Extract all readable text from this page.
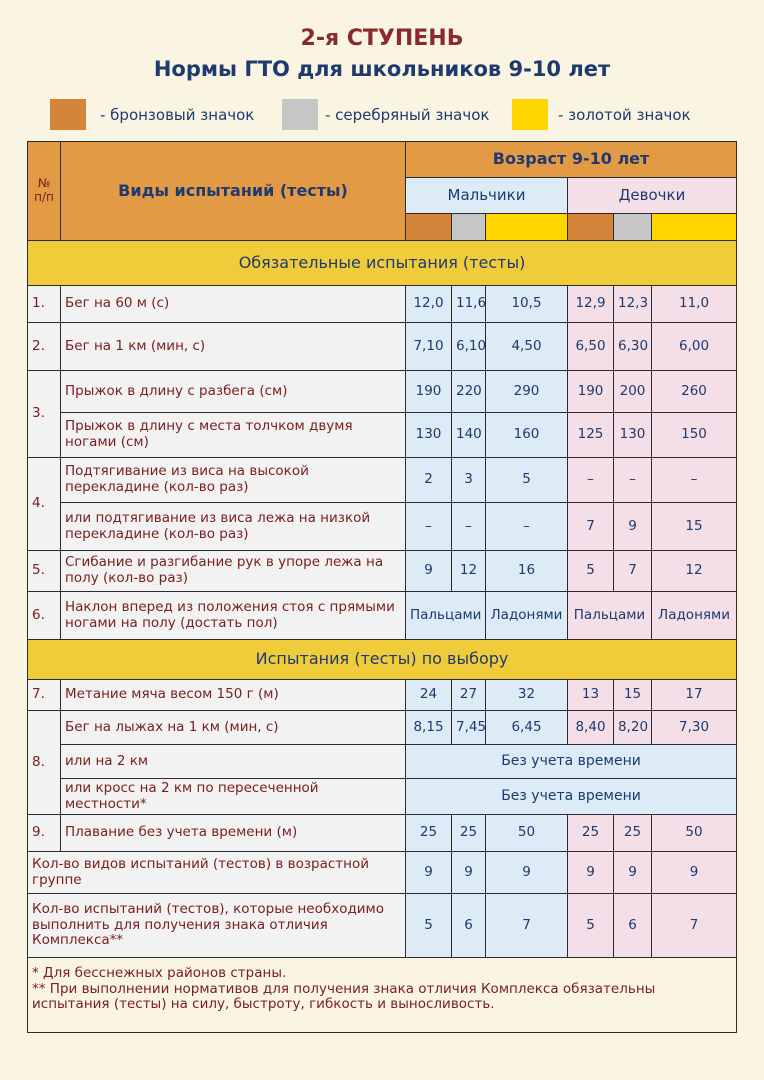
2-я СТУПЕНЬ
Нормы ГТО для школьников 9-10 лет
- бронзовый значок	- серебряный значок	- золотой значок
№ п/п	Виды испытаний (тесты)	Возраст 9-10 лет					
		Мальчики			Девочки		

Обязательные испытания (тесты)							
1.	Бег на 60 м (с)	12,0	11,6	10,5	12,9	12,3	11,0
2.	Бег на 1 км (мин, с)	7,10	6,10	4,50	6,50	6,30	6,00
3.	Прыжок в длину с разбега (см)	190	220	290	190	200	260
	Прыжок в длину с места толчком двумя ногами (см)	130	140	160	125	130	150
4.	Подтягивание из виса на высокой перекладине (кол-во раз)	2	3	5	–	–	–
	или подтягивание из виса лежа на низкой перекладине (кол-во раз)	–	–	–	7	9	15
5.	Сгибание и разгибание рук в упоре лежа на полу (кол-во раз)	9	12	16	5	7	12
6.	Наклон вперед из положения стоя с прямыми ногами на полу (достать пол)	Пальцами		Ладонями	Пальцами		Ладонями
Испытания (тесты) по выбору							
7.	Метание мяча весом 150 г (м)	24	27	32	13	15	17
8.	Бег на лыжах на 1 км (мин, с)	8,15	7,45	6,45	8,40	8,20	7,30
	или на 2 км	Без учета времени					
	или кросс на 2 км по пересеченной местности*	Без учета времени					
9.	Плавание без учета времени (м)	25	25	50	25	25	50
Кол-во видов испытаний (тестов) в возрастной группе		9	9	9	9	9	9
Кол-во испытаний (тестов), которые необходимо выполнить для получения знака отличия Комплекса**		5	6	7	5	6	7

* Для бесснежных районов страны.
** При выполнении нормативов для получения знака отличия Комплекса обязательны испытания (тесты) на силу, быстроту, гибкость и выносливость.							
